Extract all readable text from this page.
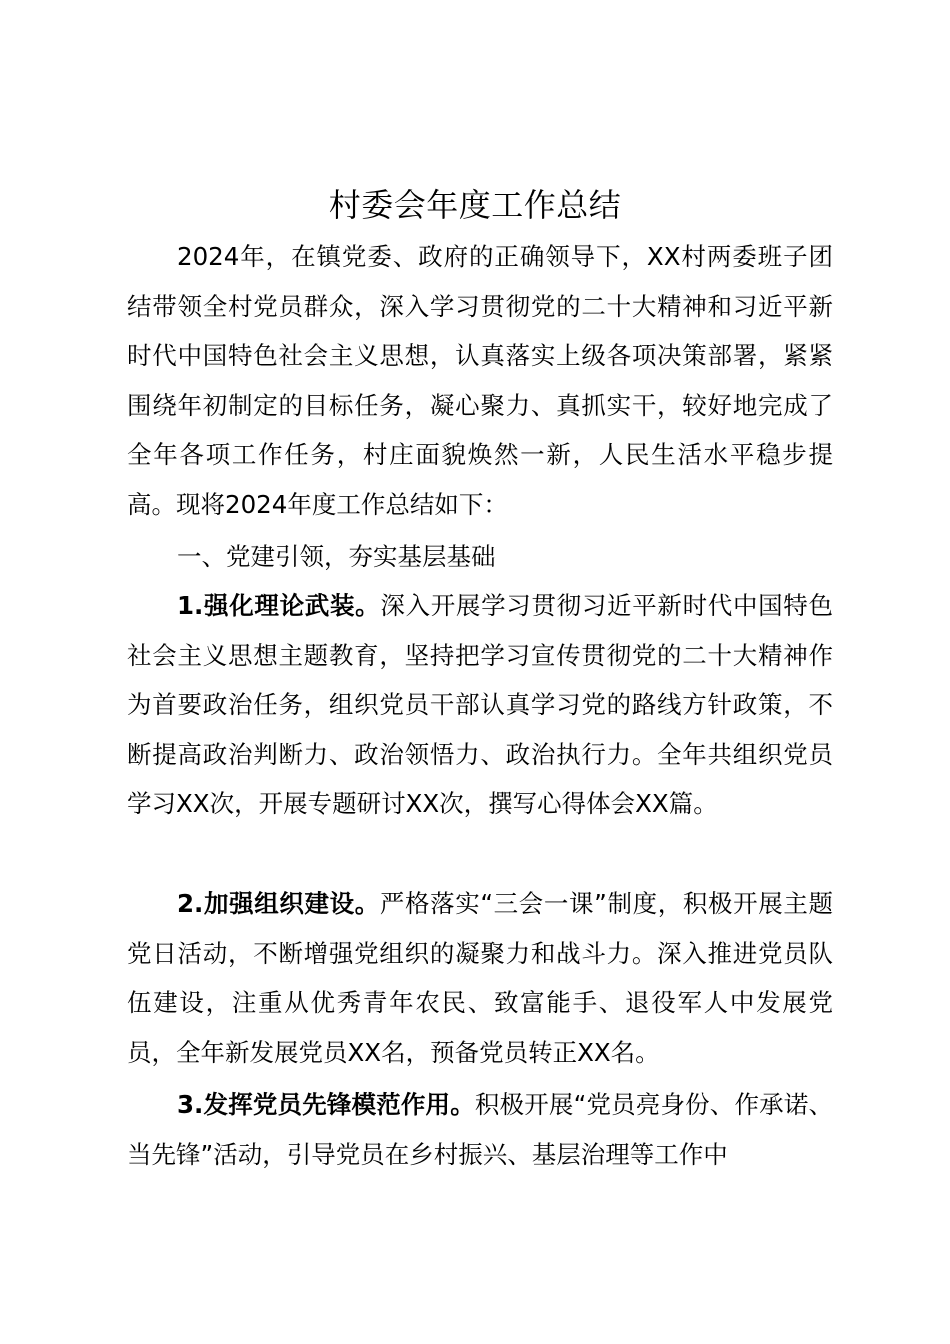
村委会年度工作总结

2024年，在镇党委、政府的正确领导下，XX村两委班子团结带领全村党员群众，深入学习贯彻党的二十大精神和习近平新时代中国特色社会主义思想，认真落实上级各项决策部署，紧紧围绕年初制定的目标任务，凝心聚力、真抓实干，较好地完成了全年各项工作任务，村庄面貌焕然一新，人民生活水平稳步提高。现将2024年度工作总结如下：

一、党建引领，夯实基层基础

1.强化理论武装。深入开展学习贯彻习近平新时代中国特色社会主义思想主题教育，坚持把学习宣传贯彻党的二十大精神作为首要政治任务，组织党员干部认真学习党的路线方针政策，不断提高政治判断力、政治领悟力、政治执行力。全年共组织党员学习XX次，开展专题研讨XX次，撰写心得体会XX篇。

2.加强组织建设。严格落实“三会一课”制度，积极开展主题党日活动，不断增强党组织的凝聚力和战斗力。深入推进党员队伍建设，注重从优秀青年农民、致富能手、退役军人中发展党员，全年新发展党员XX名，预备党员转正XX名。

3.发挥党员先锋模范作用。积极开展“党员亮身份、作承诺、当先锋”活动，引导党员在乡村振兴、基层治理等工作中
